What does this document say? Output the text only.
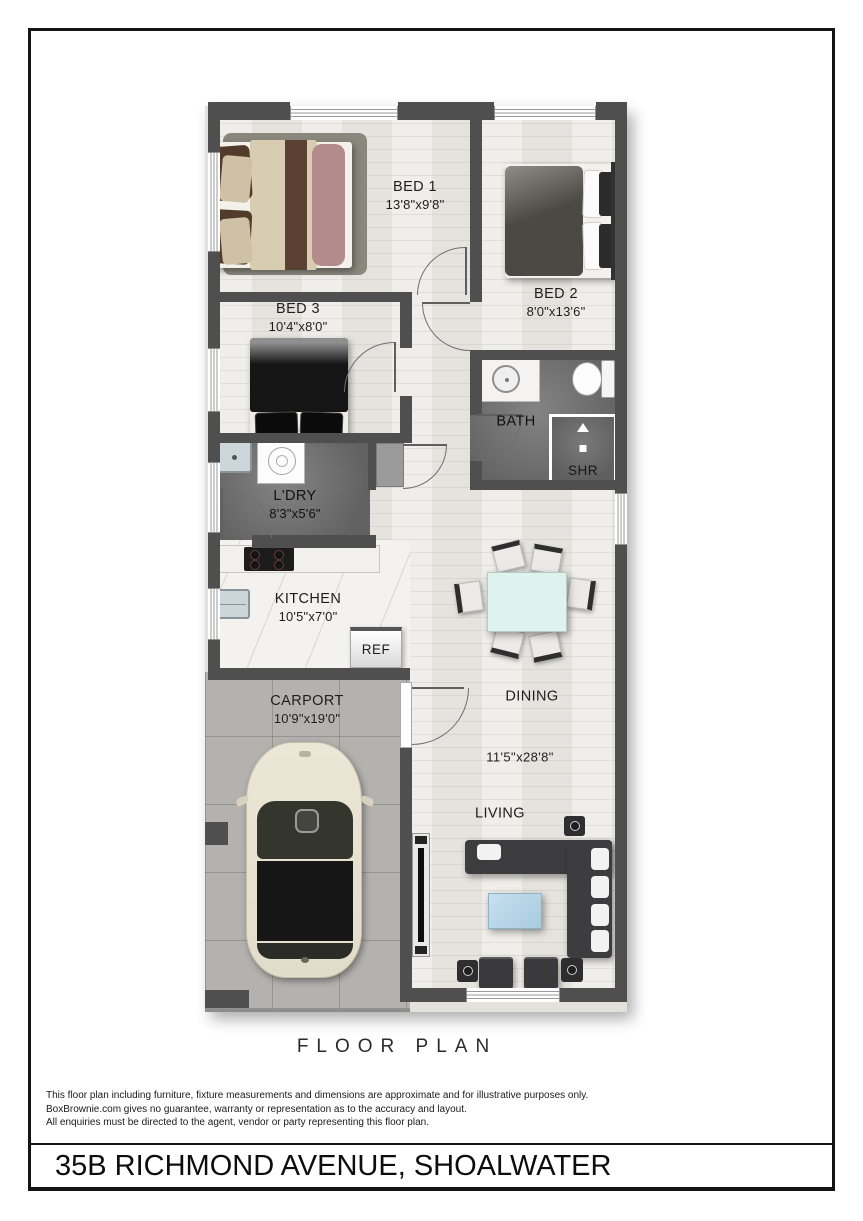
SHR
REF
BED 1
13'8"x9'8"
BED 2
8'0"x13'6"
BED 3
10'4"x8'0"
BATH
L'DRY
8'3"x5'6"
KITCHEN
10'5"x7'0"
CARPORT
10'9"x19'0"
DINING
11'5"x28'8"
LIVING
FLOOR PLAN
This floor plan including furniture, fixture measurements and dimensions are approximate and for illustrative purposes only.
BoxBrownie.com gives no guarantee, warranty or representation as to the accuracy and layout.
All enquiries must be directed to the agent, vendor or party representing this floor plan.
35B RICHMOND AVENUE, SHOALWATER
